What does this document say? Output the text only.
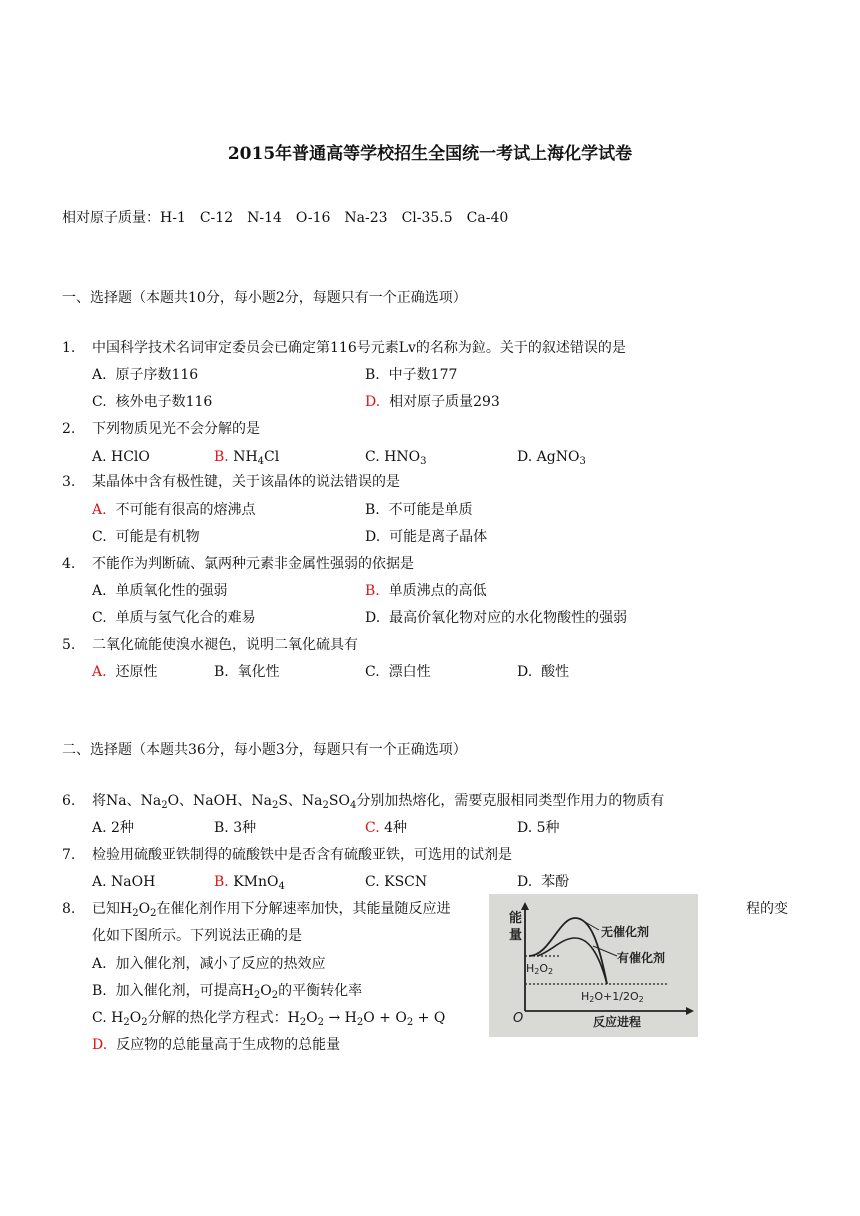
2015年普通高等学校招生全国统一考试上海化学试卷
相对原子质量：H-1　C-12　N-14　O-16　Na-23　Cl-35.5　Ca-40
一、选择题（本题共10分，每小题2分，每题只有一个正确选项）
1. 中国科学技术名词审定委员会已确定第116号元素Lv的名称为鉝。关于的叙述错误的是
A. 原子序数116	B. 中子数177
C. 核外电子数116	D. 相对原子质量293
2. 下列物质见光不会分解的是
A. HClO	B. $NH_4Cl$	C. $HNO_3$	D. AgNO$_3$
3. 某晶体中含有极性键，关于该晶体的说法错误的是
A. 不可能有很高的熔沸点	B. 不可能是单质
C. 可能是有机物	D. 可能是离子晶体
4. 不能作为判断硫、氯两种元素非金属性强弱的依据是
A. 单质氧化性的强弱	B. 单质沸点的高低
C. 单质与氢气化合的难易	D. 最高价氧化物对应的水化物酸性的强弱
5. 二氧化硫能使溴水褪色，说明二氧化硫具有
A. 还原性	B. 氧化性	C. 漂白性	D. 酸性
二、选择题（本题共36分，每小题3分，每题只有一个正确选项）
6. 将Na、$Na_2O$、NaOH、$Na_2S$、$Na_2SO_4$分别加热熔化，需要克服相同类型作用力的物质有
A. 2种	B. 3种	C. 4种	D. 5种
7. 检验用硫酸亚铁制得的硫酸铁中是否含有硫酸亚铁，可选用的试剂是
A. NaOH	B. KMnO$_4$	C. KSCN	D. 苯酚
8. 已知$H_2O_2$在催化剂作用下分解速率加快，其能量随反应进	程的变
化如下图所示。下列说法正确的是
A. 加入催化剂，减小了反应的热效应
B. 加入催化剂，可提高$H_2O_2$的平衡转化率
C. $H_2O_2$分解的热化学方程式：$H_2O_2 \to H_2O + O_2 + Q$
D. 反应物的总能量高于生成物的总能量
能
量
O
无催化剂
有催化剂
H2O2
H2O+1/2O2
反应进程
